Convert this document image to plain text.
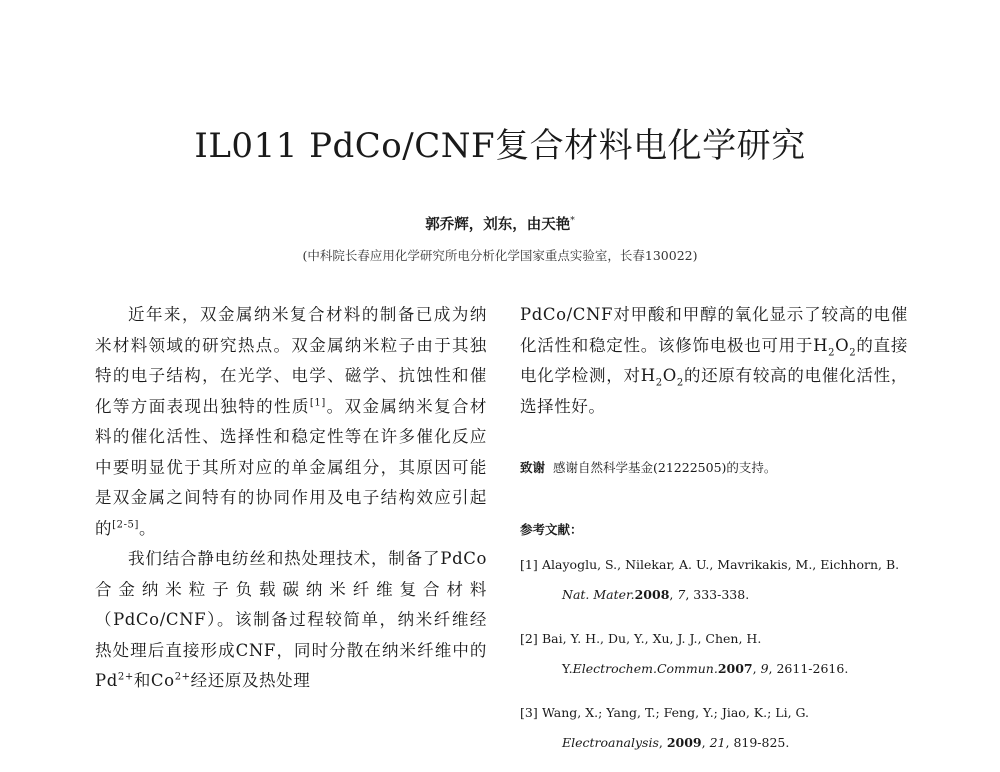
IL011 PdCo/CNF复合材料电化学研究
郭乔辉，刘东，由天艳*
(中科院长春应用化学研究所电分析化学国家重点实验室，长春130022)

近年来，双金属纳米复合材料的制备已成为纳米材料领域的研究热点。双金属纳米粒子由于其独特的电子结构，在光学、电学、磁学、抗蚀性和催化等方面表现出独特的性质[1]。双金属纳米复合材料的催化活性、选择性和稳定性等在许多催化反应中要明显优于其所对应的单金属组分，其原因可能是双金属之间特有的协同作用及电子结构效应引起的[2-5]。

我们结合静电纺丝和热处理技术，制备了PdCo合金纳米粒子负载碳纳米纤维复合材料（PdCo/CNF）。该制备过程较简单，纳米纤维经热处理后直接形成CNF，同时分散在纳米纤维中的$Pd^{2+}$和$Co^{2+}$经还原及热处理

PdCo/CNF对甲酸和甲醇的氧化显示了较高的电催化活性和稳定性。该修饰电极也可用于$H_2O_2$的直接电化学检测，对$H_2O_2$的还原有较高的电催化活性，选择性好。

致谢 感谢自然科学基金(21222505)的支持。
参考文献：
[1] Alayoglu, S., Nilekar, A. U., Mavrikakis, M., Eichhorn, B.
Nat. Mater.2008, 7, 333-338.
[2] Bai, Y. H., Du, Y., Xu, J. J., Chen, H.
Y.Electrochem.Commun.2007, 9, 2611-2616.
[3] Wang, X.; Yang, T.; Feng, Y.; Jiao, K.; Li, G.
Electroanalysis, 2009, 21, 819-825.
